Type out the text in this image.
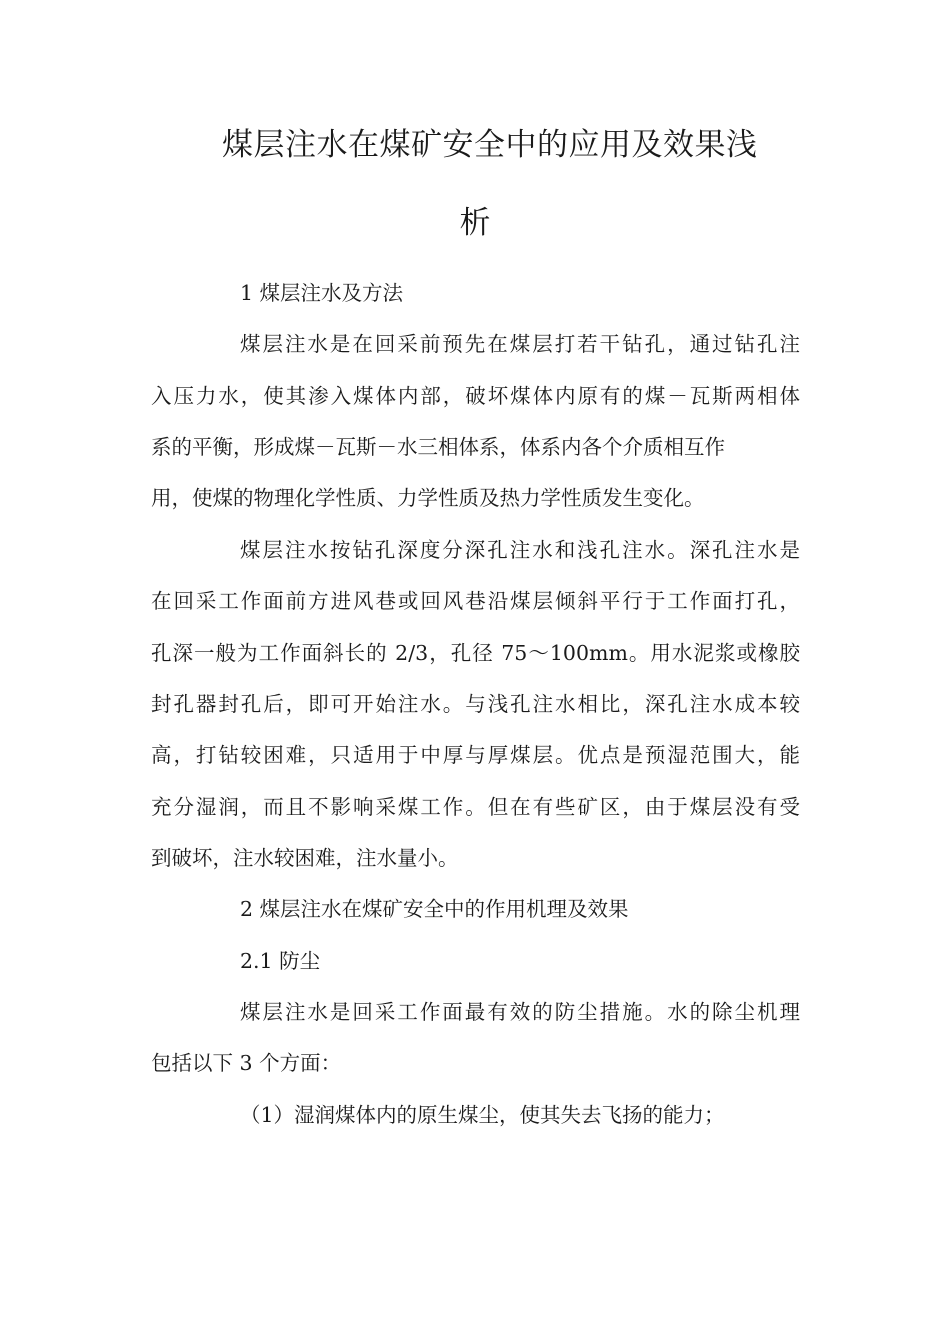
煤层注水在煤矿安全中的应用及效果浅
析

1 煤层注水及方法

煤层注水是在回采前预先在煤层打若干钻孔，通过钻孔注

入压力水，使其渗入煤体内部，破坏煤体内原有的煤－瓦斯两相体

系的平衡，形成煤－瓦斯－水三相体系，体系内各个介质相互作

用，使煤的物理化学性质、力学性质及热力学性质发生变化。

煤层注水按钻孔深度分深孔注水和浅孔注水。深孔注水是

在回采工作面前方进风巷或回风巷沿煤层倾斜平行于工作面打孔，

孔深一般为工作面斜长的 2/3，孔径 75～100mm。用水泥浆或橡胶

封孔器封孔后，即可开始注水。与浅孔注水相比，深孔注水成本较

高，打钻较困难，只适用于中厚与厚煤层。优点是预湿范围大，能

充分湿润，而且不影响采煤工作。但在有些矿区，由于煤层没有受

到破坏，注水较困难，注水量小。

2 煤层注水在煤矿安全中的作用机理及效果

2.1 防尘

煤层注水是回采工作面最有效的防尘措施。水的除尘机理

包括以下 3 个方面：

（1）湿润煤体内的原生煤尘，使其失去飞扬的能力；
